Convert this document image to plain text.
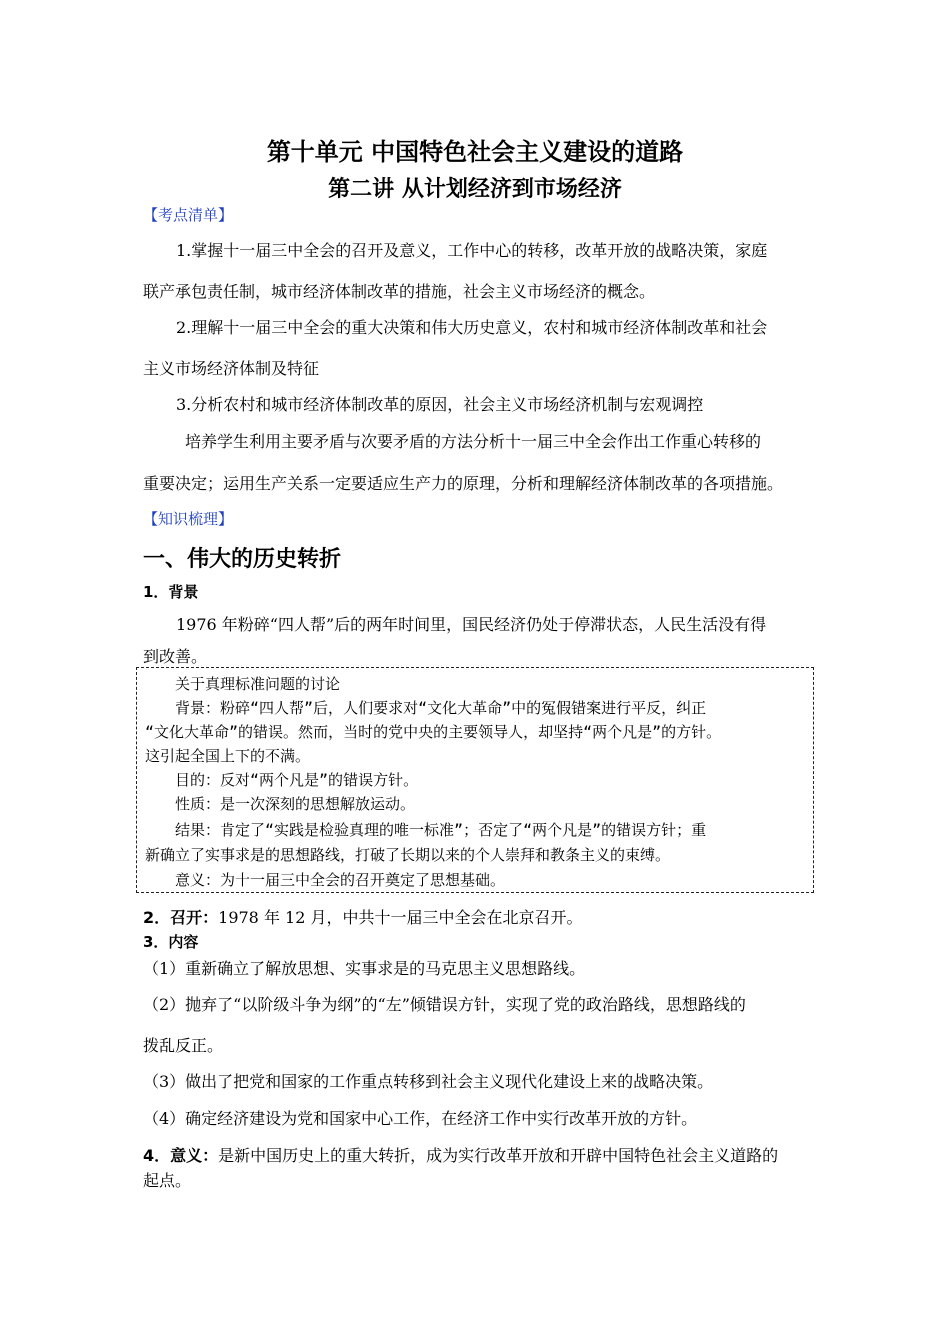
第十单元 中国特色社会主义建设的道路
第二讲 从计划经济到市场经济
【考点清单】
1.掌握十一届三中全会的召开及意义，工作中心的转移，改革开放的战略决策，家庭
联产承包责任制，城市经济体制改革的措施，社会主义市场经济的概念。
2.理解十一届三中全会的重大决策和伟大历史意义，农村和城市经济体制改革和社会
主义市场经济体制及特征
3.分析农村和城市经济体制改革的原因，社会主义市场经济机制与宏观调控
培养学生利用主要矛盾与次要矛盾的方法分析十一届三中全会作出工作重心转移的
重要决定；运用生产关系一定要适应生产力的原理，分析和理解经济体制改革的各项措施。
【知识梳理】
一、伟大的历史转折
1．背景
1976 年粉碎“四人帮”后的两年时间里，国民经济仍处于停滞状态，人民生活没有得
到改善。
关于真理标准问题的讨论
背景：粉碎“四人帮”后，人们要求对“文化大革命”中的冤假错案进行平反，纠正
“文化大革命”的错误。然而，当时的党中央的主要领导人，却坚持“两个凡是”的方针。
这引起全国上下的不满。
目的：反对“两个凡是”的错误方针。
性质：是一次深刻的思想解放运动。
结果：肯定了“实践是检验真理的唯一标准”；否定了“两个凡是”的错误方针；重
新确立了实事求是的思想路线，打破了长期以来的个人崇拜和教条主义的束缚。
意义：为十一届三中全会的召开奠定了思想基础。
2．召开：1978 年 12 月，中共十一届三中全会在北京召开。
3．内容
（1）重新确立了解放思想、实事求是的马克思主义思想路线。
（2）抛弃了“以阶级斗争为纲”的“左”倾错误方针，实现了党的政治路线，思想路线的
拨乱反正。
（3）做出了把党和国家的工作重点转移到社会主义现代化建设上来的战略决策。
（4）确定经济建设为党和国家中心工作，在经济工作中实行改革开放的方针。
4．意义：是新中国历史上的重大转折，成为实行改革开放和开辟中国特色社会主义道路的
起点。
